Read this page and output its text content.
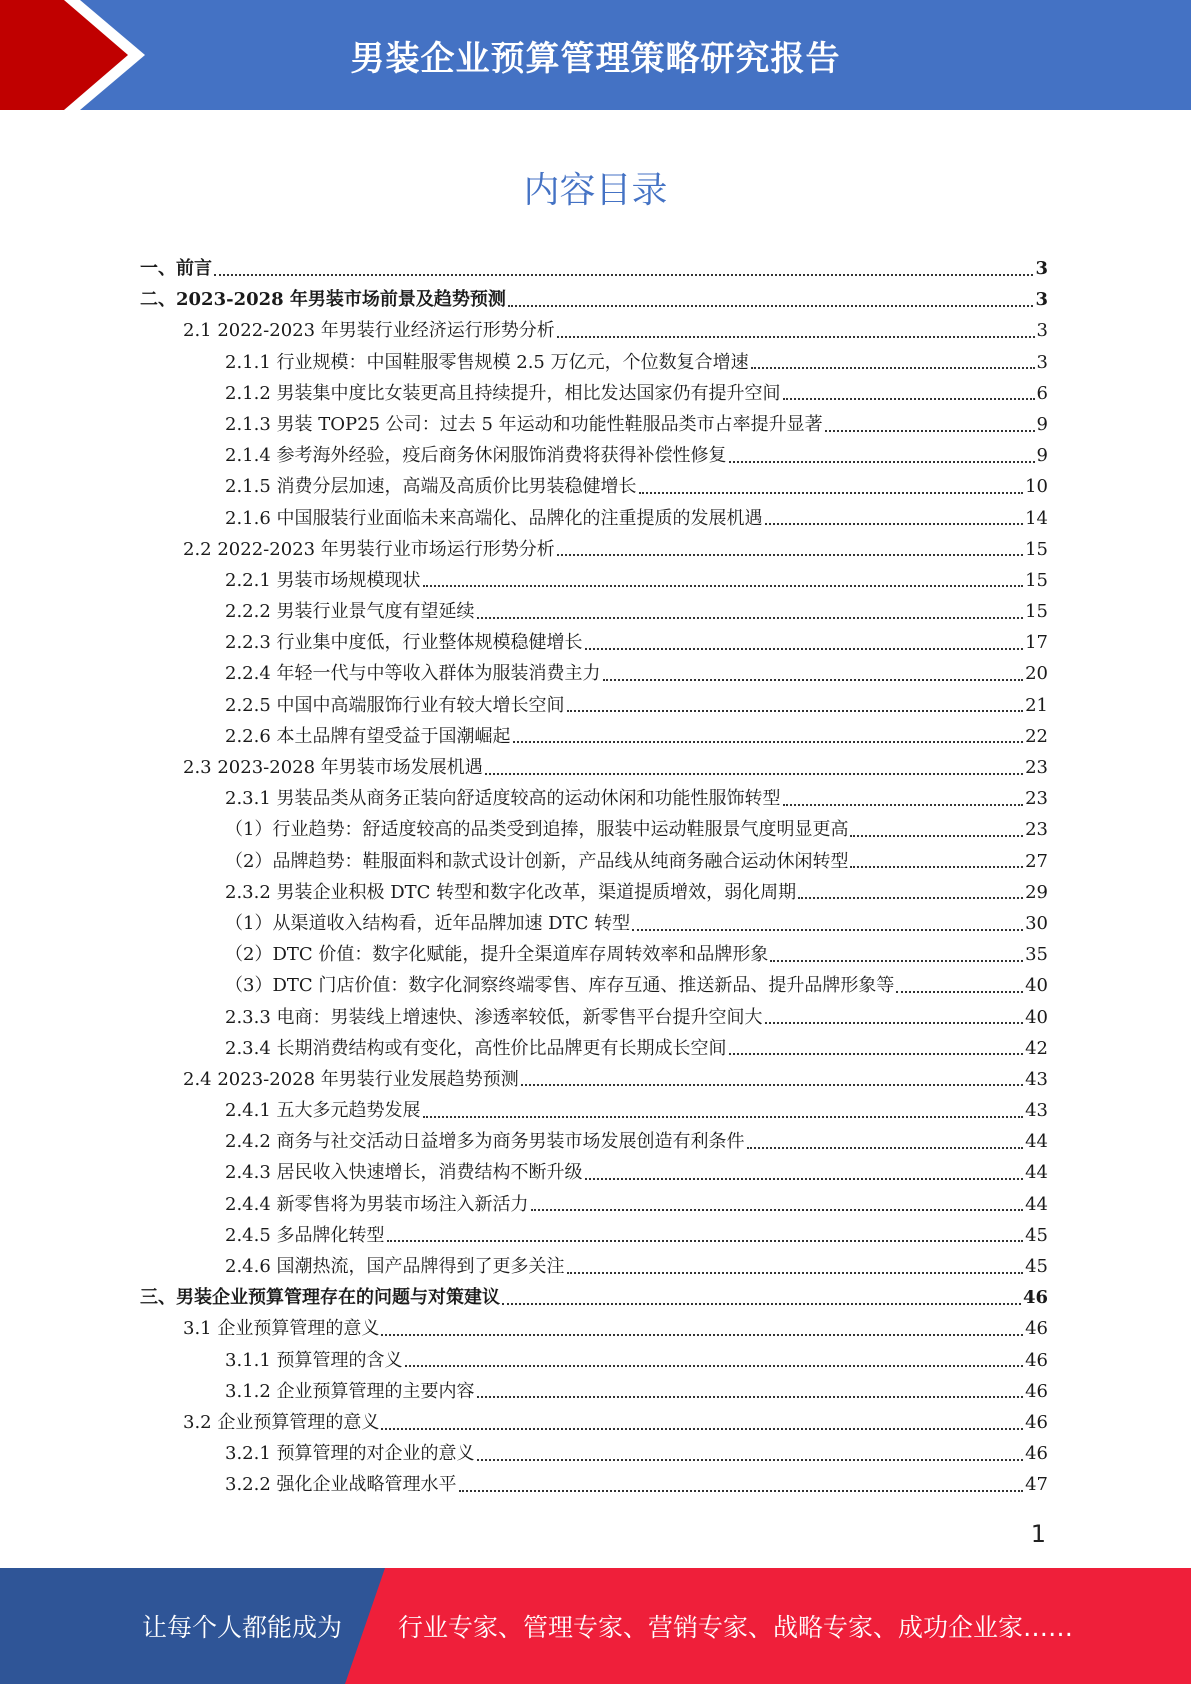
男装企业预算管理策略研究报告
内容目录
一、前言	3
二、2023-2028 年男装市场前景及趋势预测	3
2.1 2022-2023 年男装行业经济运行形势分析	3
2.1.1 行业规模：中国鞋服零售规模 2.5 万亿元，个位数复合增速	3
2.1.2 男装集中度比女装更高且持续提升，相比发达国家仍有提升空间	6
2.1.3 男装 TOP25 公司：过去 5 年运动和功能性鞋服品类市占率提升显著	9
2.1.4 参考海外经验，疫后商务休闲服饰消费将获得补偿性修复	9
2.1.5 消费分层加速，高端及高质价比男装稳健增长	10
2.1.6 中国服装行业面临未来高端化、品牌化的注重提质的发展机遇	14
2.2 2022-2023 年男装行业市场运行形势分析	15
2.2.1 男装市场规模现状	15
2.2.2 男装行业景气度有望延续	15
2.2.3 行业集中度低，行业整体规模稳健增长	17
2.2.4 年轻一代与中等收入群体为服装消费主力	20
2.2.5 中国中高端服饰行业有较大增长空间	21
2.2.6 本土品牌有望受益于国潮崛起	22
2.3 2023-2028 年男装市场发展机遇	23
2.3.1 男装品类从商务正装向舒适度较高的运动休闲和功能性服饰转型	23
（1）行业趋势：舒适度较高的品类受到追捧，服装中运动鞋服景气度明显更高	23
（2）品牌趋势：鞋服面料和款式设计创新，产品线从纯商务融合运动休闲转型	27
2.3.2 男装企业积极 DTC 转型和数字化改革，渠道提质增效，弱化周期	29
（1）从渠道收入结构看，近年品牌加速 DTC 转型	30
（2）DTC 价值：数字化赋能，提升全渠道库存周转效率和品牌形象	35
（3）DTC 门店价值：数字化洞察终端零售、库存互通、推送新品、提升品牌形象等	40
2.3.3 电商：男装线上增速快、渗透率较低，新零售平台提升空间大	40
2.3.4 长期消费结构或有变化，高性价比品牌更有长期成长空间	42
2.4 2023-2028 年男装行业发展趋势预测	43
2.4.1 五大多元趋势发展	43
2.4.2 商务与社交活动日益增多为商务男装市场发展创造有利条件	44
2.4.3 居民收入快速增长，消费结构不断升级	44
2.4.4 新零售将为男装市场注入新活力	44
2.4.5 多品牌化转型	45
2.4.6 国潮热流，国产品牌得到了更多关注	45
三、男装企业预算管理存在的问题与对策建议	46
3.1 企业预算管理的意义	46
3.1.1 预算管理的含义	46
3.1.2 企业预算管理的主要内容	46
3.2 企业预算管理的意义	46
3.2.1 预算管理的对企业的意义	46
3.2.2 强化企业战略管理水平	47
1
让每个人都能成为 行业专家、管理专家、营销专家、战略专家、成功企业家……
